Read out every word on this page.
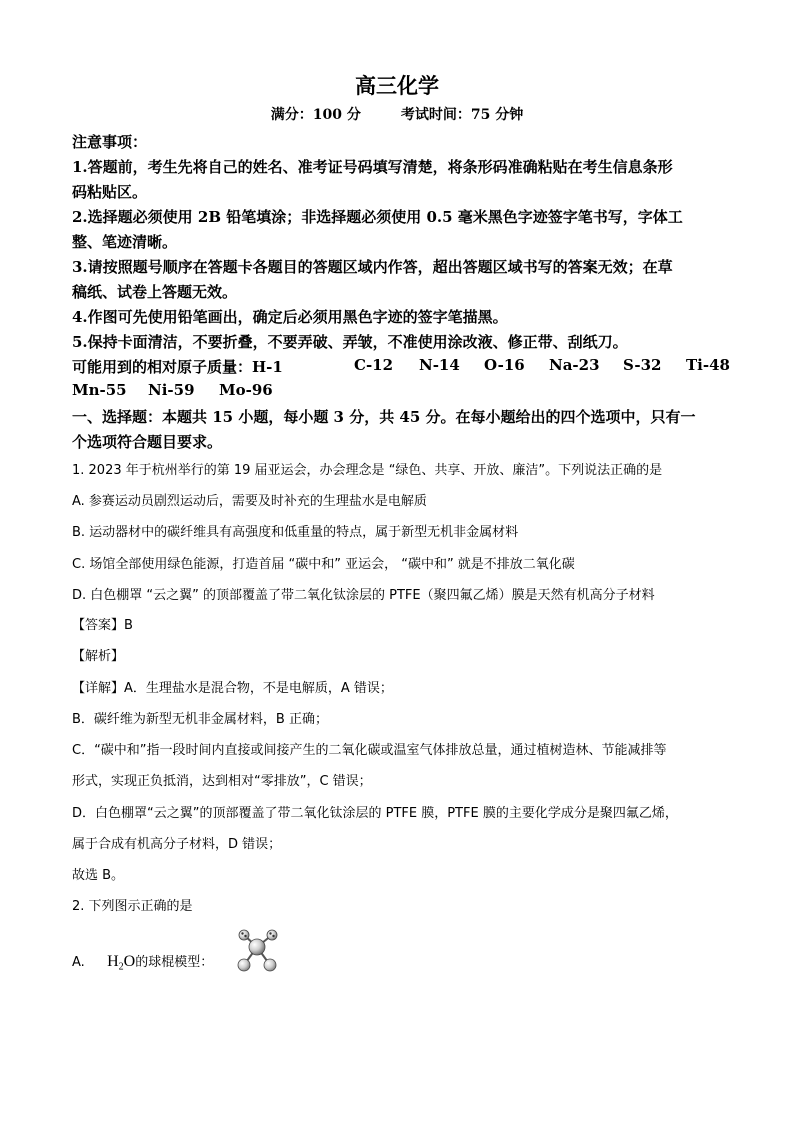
高三化学
满分：100 分	考试时间：75 分钟
注意事项：
1.答题前，考生先将自己的姓名、准考证号码填写清楚，将条形码准确粘贴在考生信息条形
码粘贴区。
2.选择题必须使用 2B 铅笔填涂；非选择题必须使用 0.5 毫米黑色字迹签字笔书写，字体工
整、笔迹清晰。
3.请按照题号顺序在答题卡各题目的答题区域内作答，超出答题区域书写的答案无效；在草
稿纸、试卷上答题无效。
4.作图可先使用铅笔画出，确定后必须用黑色字迹的签字笔描黑。
5.保持卡面清洁，不要折叠，不要弄破、弄皱，不准使用涂改液、修正带、刮纸刀。
可能用到的相对原子质量：H-1	C-12 N-14 O-16 Na-23 S-32 Ti-48
Mn-55 Ni-59 Mo-96
一、选择题：本题共 15 小题，每小题 3 分，共 45 分。在每小题给出的四个选项中，只有一
个选项符合题目要求。
1. 2023 年于杭州举行的第 19 届亚运会，办会理念是 “绿色、共享、开放、廉洁”。下列说法正确的是
A. 参赛运动员剧烈运动后，需要及时补充的生理盐水是电解质
B. 运动器材中的碳纤维具有高强度和低重量的特点，属于新型无机非金属材料
C. 场馆全部使用绿色能源，打造首届 “碳中和” 亚运会， “碳中和” 就是不排放二氧化碳
D. 白色棚罩 “云之翼” 的顶部覆盖了带二氧化钛涂层的 PTFE（聚四氟乙烯）膜是天然有机高分子材料
【答案】B
【解析】
【详解】A．生理盐水是混合物，不是电解质，A 错误；
B．碳纤维为新型无机非金属材料，B 正确；
C．“碳中和”指一段时间内直接或间接产生的二氧化碳或温室气体排放总量，通过植树造林、节能减排等
形式，实现正负抵消，达到相对“零排放”，C 错误；
D．白色棚罩“云之翼”的顶部覆盖了带二氧化钛涂层的 PTFE 膜，PTFE 膜的主要化学成分是聚四氟乙烯，
属于合成有机高分子材料，D 错误；
故选 B。
2. 下列图示正确的是
A. $H_2O$的球棍模型：
